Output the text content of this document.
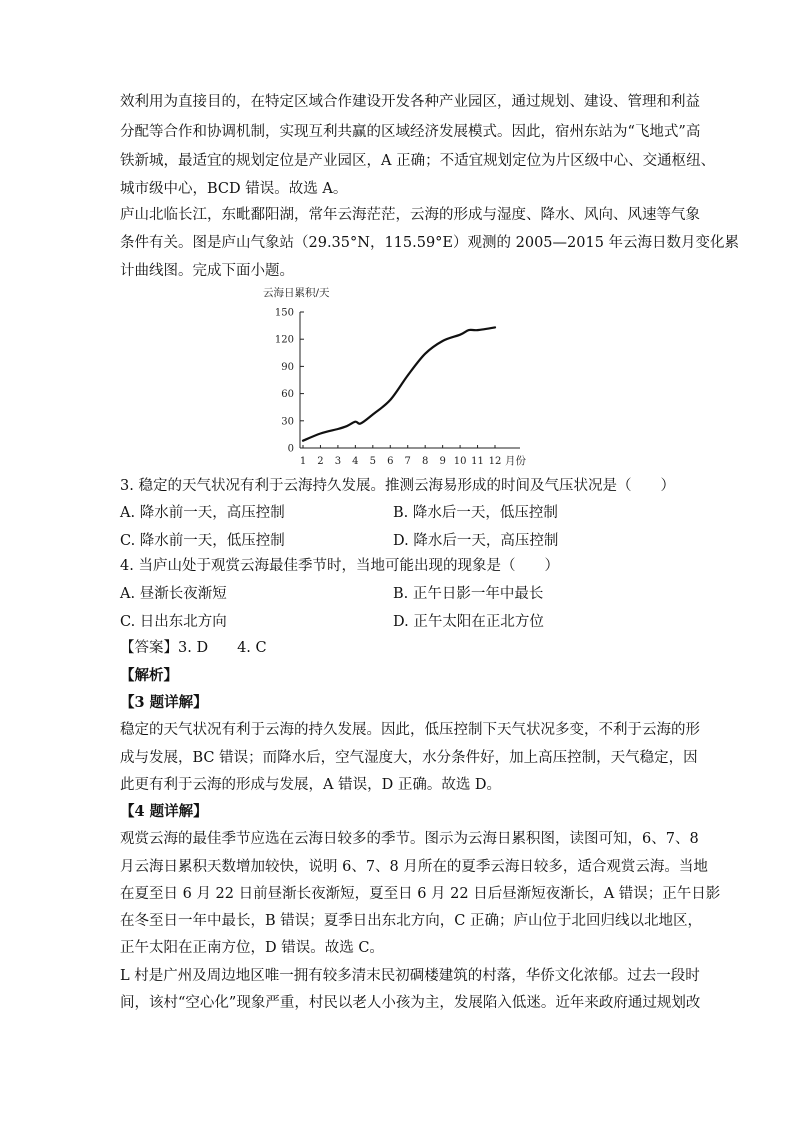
效利用为直接目的，在特定区域合作建设开发各种产业园区，通过规划、建设、管理和利益
分配等合作和协调机制，实现互利共赢的区域经济发展模式。因此，宿州东站为“飞地式”高
铁新城，最适宜的规划定位是产业园区，A 正确；不适宜规划定位为片区级中心、交通枢纽、
城市级中心，BCD 错误。故选 A。
庐山北临长江，东毗鄱阳湖，常年云海茫茫，云海的形成与湿度、降水、风向、风速等气象
条件有关。图是庐山气象站（29.35°N，115.59°E）观测的 2005—2015 年云海日数月变化累
计曲线图。完成下面小题。
云海日累积/天
0
30
60
90
120
150
1 2 3 4 5 6 7 8 9 10 11 12 月份
3. 稳定的天气状况有利于云海持久发展。推测云海易形成的时间及气压状况是（　　）
A. 降水前一天，高压控制	B. 降水后一天，低压控制
C. 降水前一天，低压控制	D. 降水后一天，高压控制
4. 当庐山处于观赏云海最佳季节时，当地可能出现的现象是（　　）
A. 昼渐长夜渐短	B. 正午日影一年中最长
C. 日出东北方向	D. 正午太阳在正北方位
【答案】3. D　　4. C
【解析】
【3 题详解】
稳定的天气状况有利于云海的持久发展。因此，低压控制下天气状况多变，不利于云海的形
成与发展，BC 错误；而降水后，空气湿度大，水分条件好，加上高压控制，天气稳定，因
此更有利于云海的形成与发展，A 错误，D 正确。故选 D。
【4 题详解】
观赏云海的最佳季节应选在云海日较多的季节。图示为云海日累积图，读图可知，6、7、8
月云海日累积天数增加较快，说明 6、7、8 月所在的夏季云海日较多，适合观赏云海。当地
在夏至日 6 月 22 日前昼渐长夜渐短，夏至日 6 月 22 日后昼渐短夜渐长，A 错误；正午日影
在冬至日一年中最长，B 错误；夏季日出东北方向，C 正确；庐山位于北回归线以北地区，
正午太阳在正南方位，D 错误。故选 C。
L 村是广州及周边地区唯一拥有较多清末民初碉楼建筑的村落，华侨文化浓郁。过去一段时
间，该村“空心化”现象严重，村民以老人小孩为主，发展陷入低迷。近年来政府通过规划改
